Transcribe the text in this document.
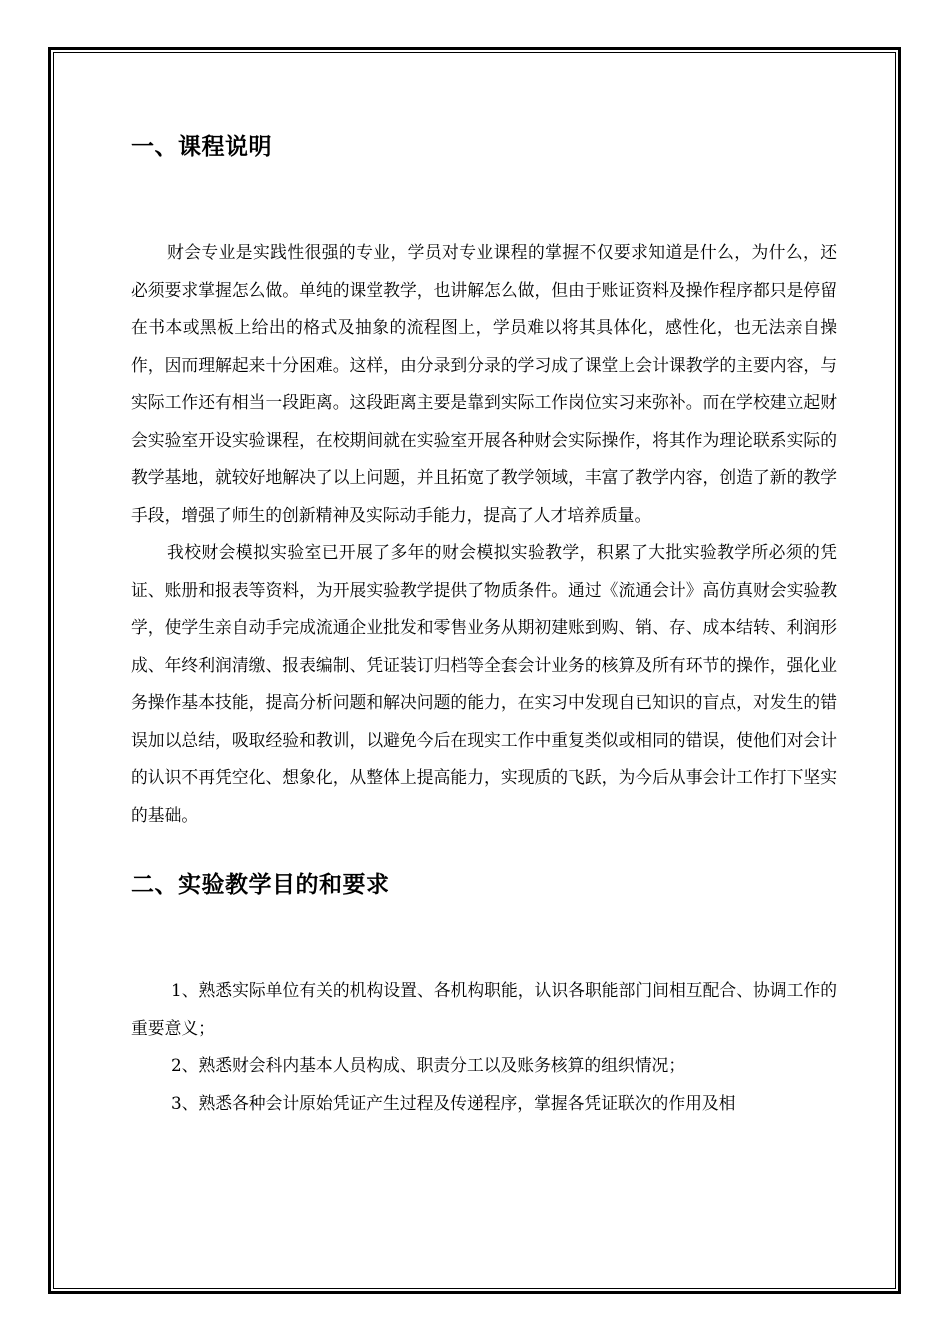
一、课程说明

财会专业是实践性很强的专业，学员对专业课程的掌握不仅要求知道是什么，为什么，还必须要求掌握怎么做。单纯的课堂教学，也讲解怎么做，但由于账证资料及操作程序都只是停留在书本或黑板上给出的格式及抽象的流程图上，学员难以将其具体化，感性化，也无法亲自操作，因而理解起来十分困难。这样，由分录到分录的学习成了课堂上会计课教学的主要内容，与实际工作还有相当一段距离。这段距离主要是靠到实际工作岗位实习来弥补。而在学校建立起财会实验室开设实验课程，在校期间就在实验室开展各种财会实际操作，将其作为理论联系实际的教学基地，就较好地解决了以上问题，并且拓宽了教学领域，丰富了教学内容，创造了新的教学手段，增强了师生的创新精神及实际动手能力，提高了人才培养质量。

我校财会模拟实验室已开展了多年的财会模拟实验教学，积累了大批实验教学所必须的凭证、账册和报表等资料，为开展实验教学提供了物质条件。通过《流通会计》高仿真财会实验教学，使学生亲自动手完成流通企业批发和零售业务从期初建账到购、销、存、成本结转、利润形成、年终利润清缴、报表编制、凭证装订归档等全套会计业务的核算及所有环节的操作，强化业务操作基本技能，提高分析问题和解决问题的能力，在实习中发现自已知识的盲点，对发生的错误加以总结，吸取经验和教训，以避免今后在现实工作中重复类似或相同的错误，使他们对会计的认识不再凭空化、想象化，从整体上提高能力，实现质的飞跃，为今后从事会计工作打下坚实的基础。

二、实验教学目的和要求

1、熟悉实际单位有关的机构设置、各机构职能，认识各职能部门间相互配合、协调工作的重要意义；

2、熟悉财会科内基本人员构成、职责分工以及账务核算的组织情况；

3、熟悉各种会计原始凭证产生过程及传递程序，掌握各凭证联次的作用及相
